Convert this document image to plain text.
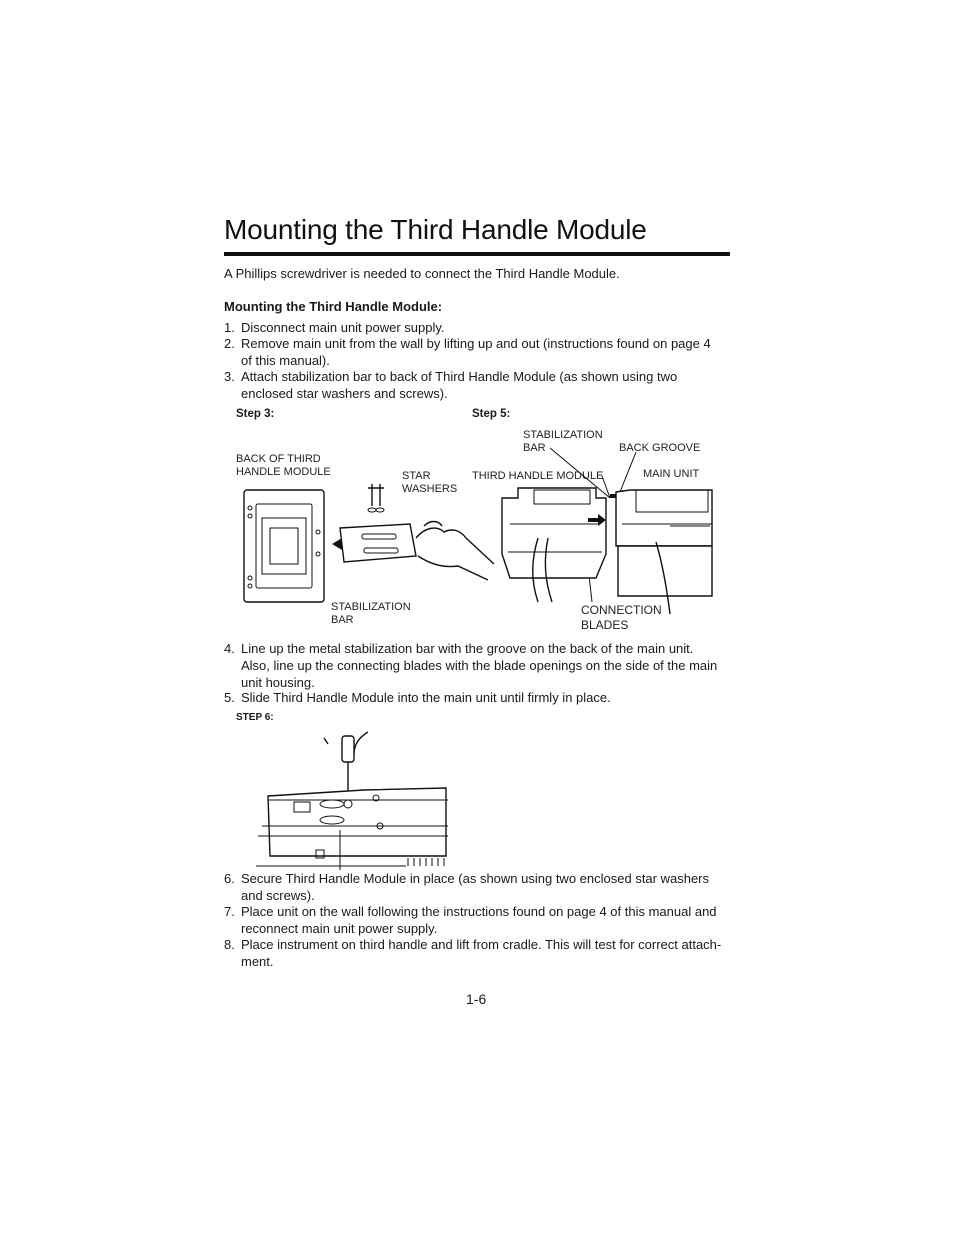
Mounting the Third Handle Module
A Phillips screwdriver is needed to connect the Third Handle Module.
Mounting the Third Handle Module:
1. Disconnect main unit power supply.
2. Remove main unit from the wall by lifting up and out (instructions found on page 4
of this manual).
3. Attach stabilization bar to back of Third Handle Module (as shown using two
enclosed star washers and screws).
Step 3:	Step 5:
BACK OF THIRD
HANDLE MODULE	STAR
WASHERS
STABILIZATION
BAR
STABILIZATION
BAR	BACK GROOVE
THIRD HANDLE MODULE	MAIN UNIT
CONNECTION
BLADES
4. Line up the metal stabilization bar with the groove on the back of the main unit.
Also, line up the connecting blades with the blade openings on the side of the main
unit housing.
5. Slide Third Handle Module into the main unit until firmly in place.
STEP 6:
6. Secure Third Handle Module in place (as shown using two enclosed star washers
and screws).
7. Place unit on the wall following the instructions found on page 4 of this manual and
reconnect main unit power supply.
8. Place instrument on third handle and lift from cradle. This will test for correct attach-
ment.
1-6
